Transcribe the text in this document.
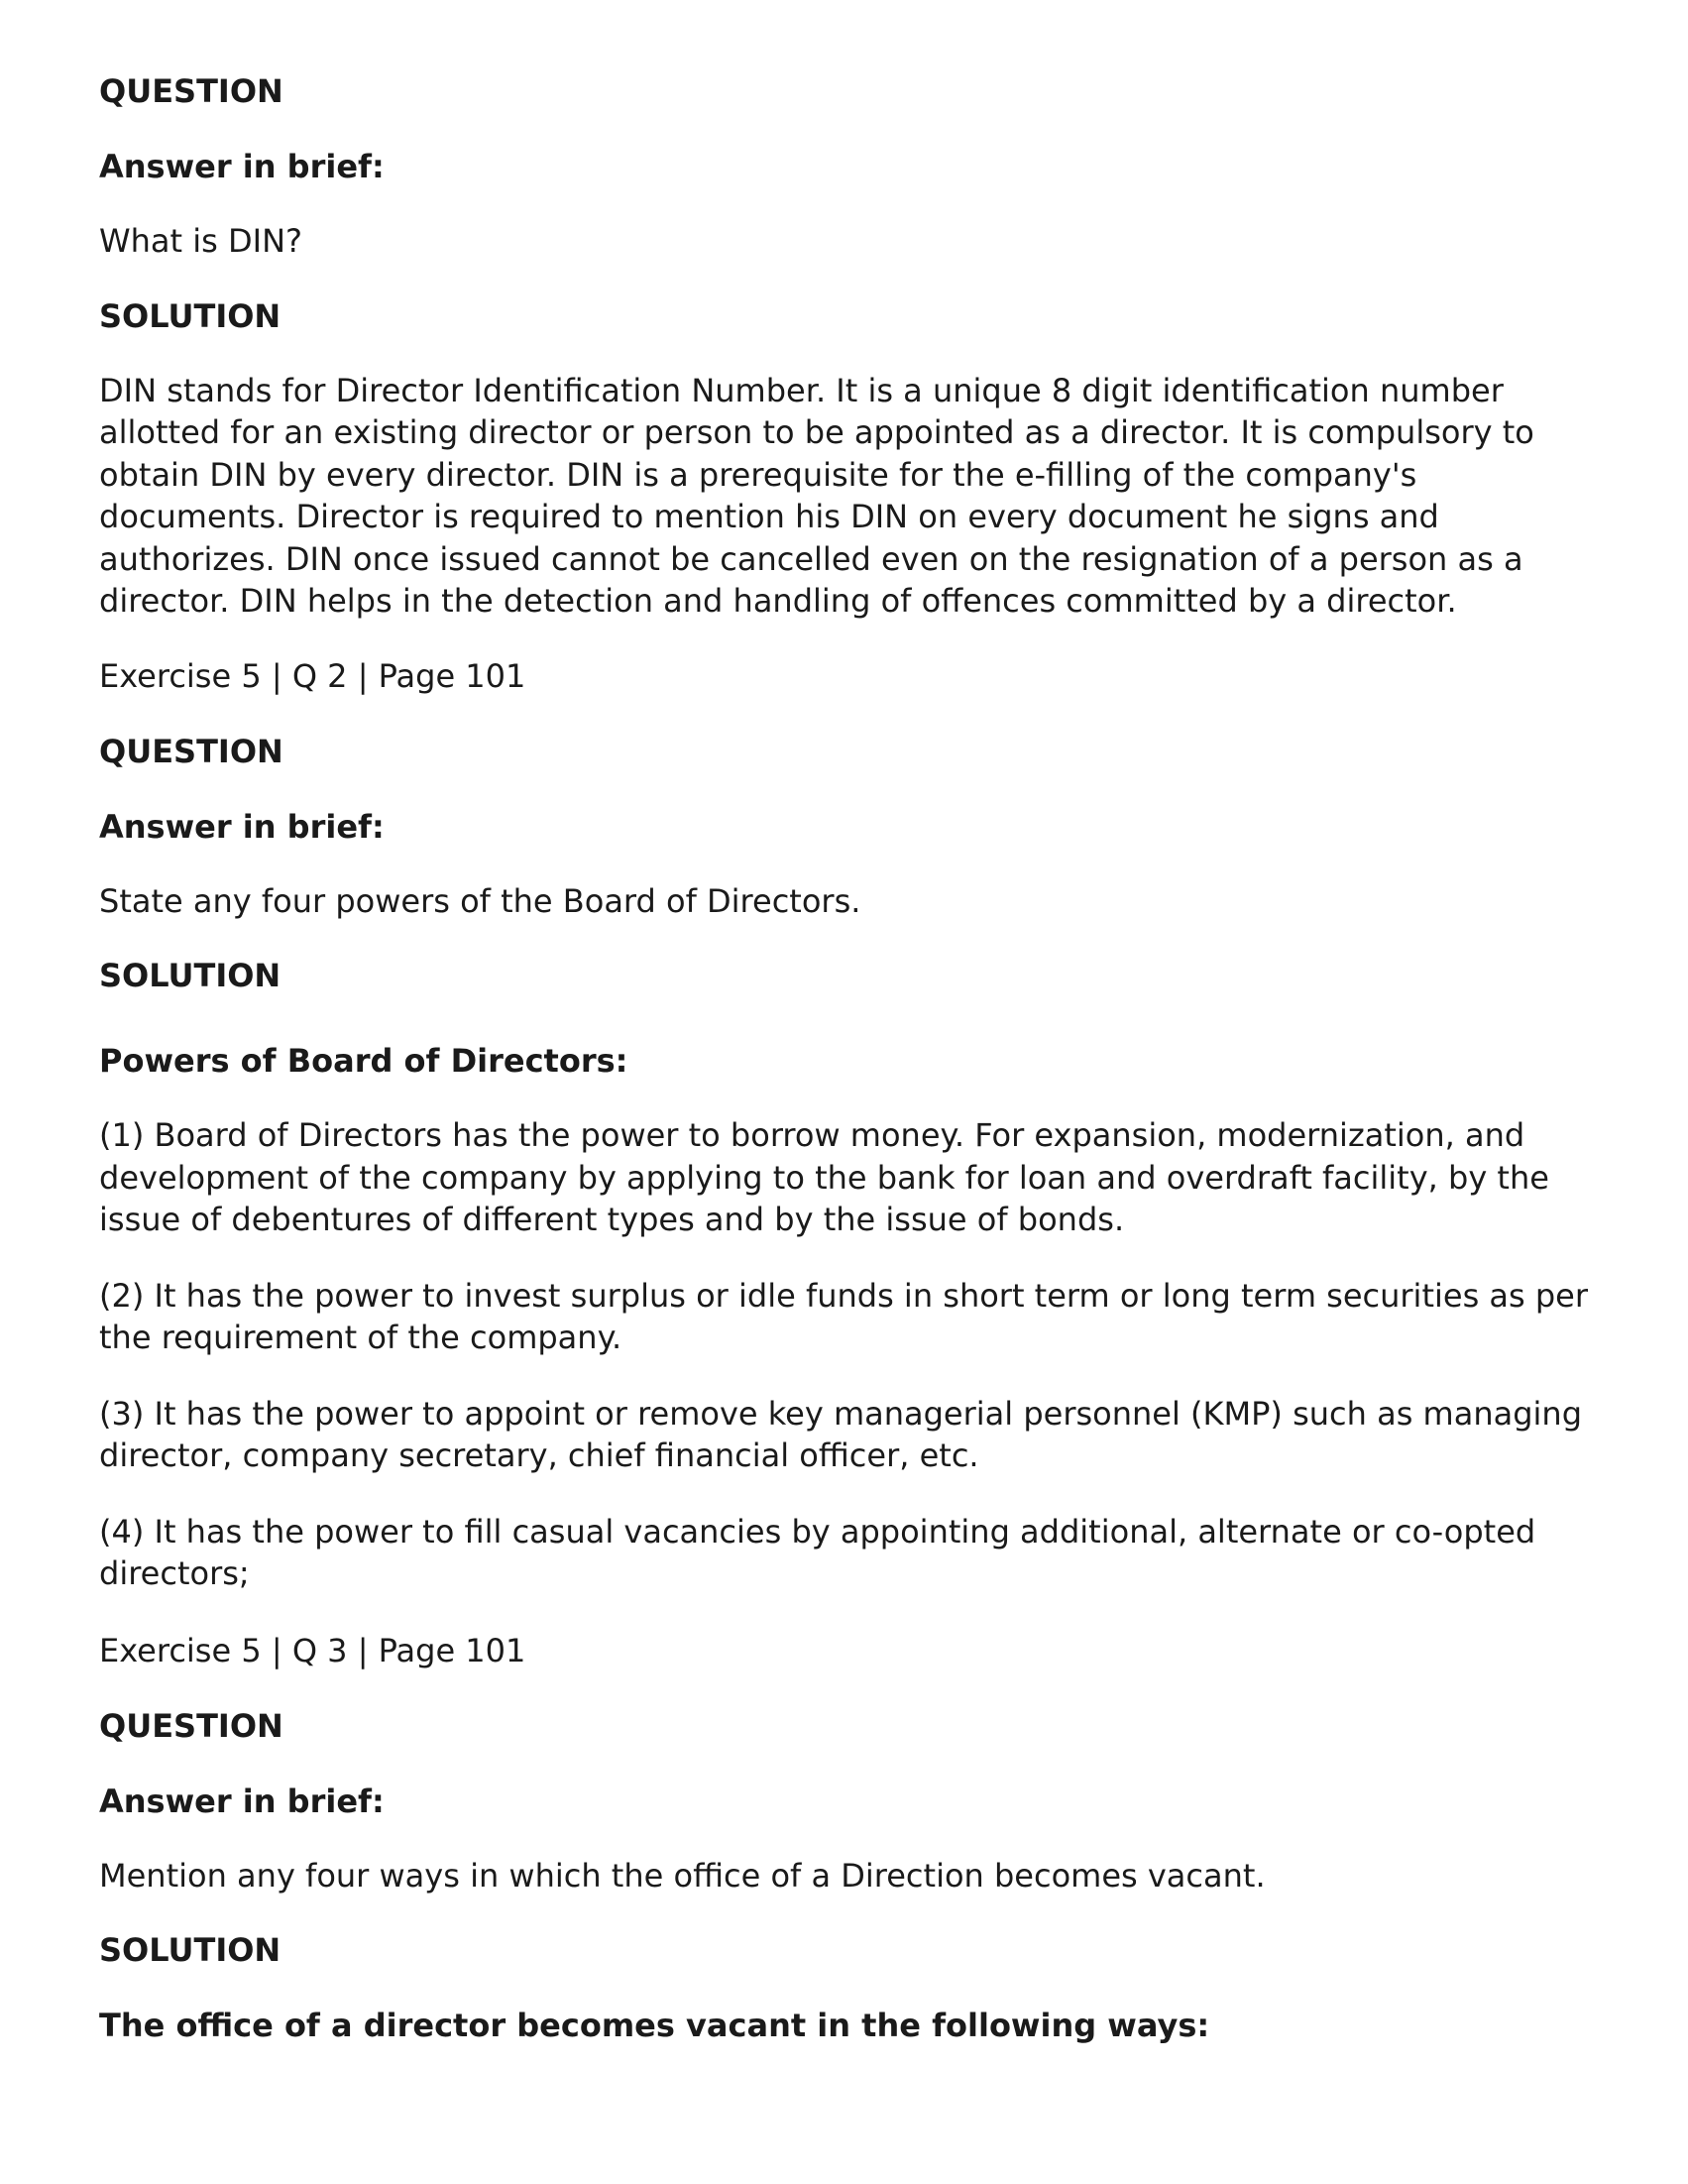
QUESTION
Answer in brief:
What is DIN?
SOLUTION
DIN stands for Director Identification Number. It is a unique 8 digit identification number allotted for an existing director or person to be appointed as a director. It is compulsory to obtain DIN by every director. DIN is a prerequisite for the e-filling of the company's documents. Director is required to mention his DIN on every document he signs and authorizes. DIN once issued cannot be cancelled even on the resignation of a person as a director. DIN helps in the detection and handling of offences committed by a director.
Exercise 5 | Q 2 | Page 101
QUESTION
Answer in brief:
State any four powers of the Board of Directors.
SOLUTION
Powers of Board of Directors:
(1) Board of Directors has the power to borrow money. For expansion, modernization, and development of the company by applying to the bank for loan and overdraft facility, by the issue of debentures of different types and by the issue of bonds.
(2) It has the power to invest surplus or idle funds in short term or long term securities as per the requirement of the company.
(3) It has the power to appoint or remove key managerial personnel (KMP) such as managing director, company secretary, chief financial officer, etc.
(4) It has the power to fill casual vacancies by appointing additional, alternate or co-opted directors;
Exercise 5 | Q 3 | Page 101
QUESTION
Answer in brief:
Mention any four ways in which the office of a Direction becomes vacant.
SOLUTION
The office of a director becomes vacant in the following ways:
